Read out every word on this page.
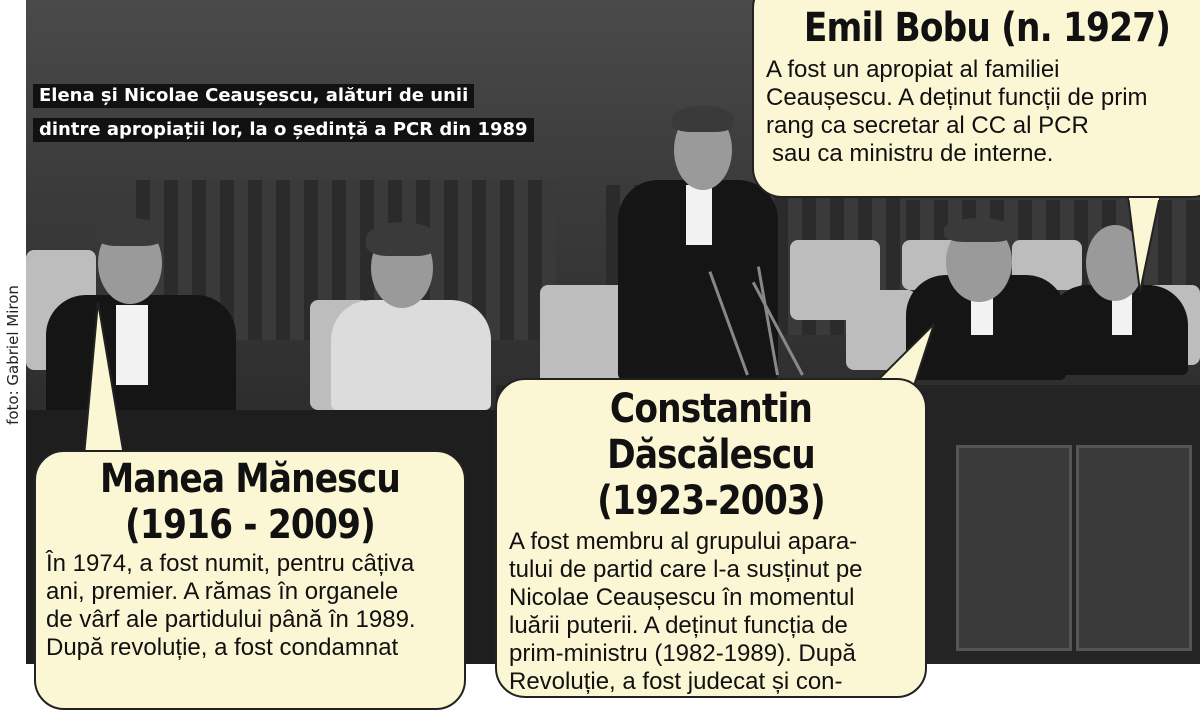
foto: Gabriel Miron
Elena și Nicolae Ceaușescu, alături de unii
dintre apropiații lor, la o ședință a PCR din 1989
Emil Bobu (n. 1927)
A fost un apropiat al familiei
Ceaușescu. A deținut funcții de prim
rang ca secretar al CC al PCR
sau ca ministru de interne.
Constantin Dăscălescu
(1923-2003)
A fost membru al grupului apara-
tului de partid care l-a susținut pe
Nicolae Ceaușescu în momentul
luării puterii. A deținut funcția de
prim-ministru (1982-1989). După
Revoluție, a fost judecat și con-
Manea Mănescu
(1916 - 2009)
În 1974, a fost numit, pentru câțiva
ani, premier. A rămas în organele
de vârf ale partidului până în 1989.
După revoluție, a fost condamnat
